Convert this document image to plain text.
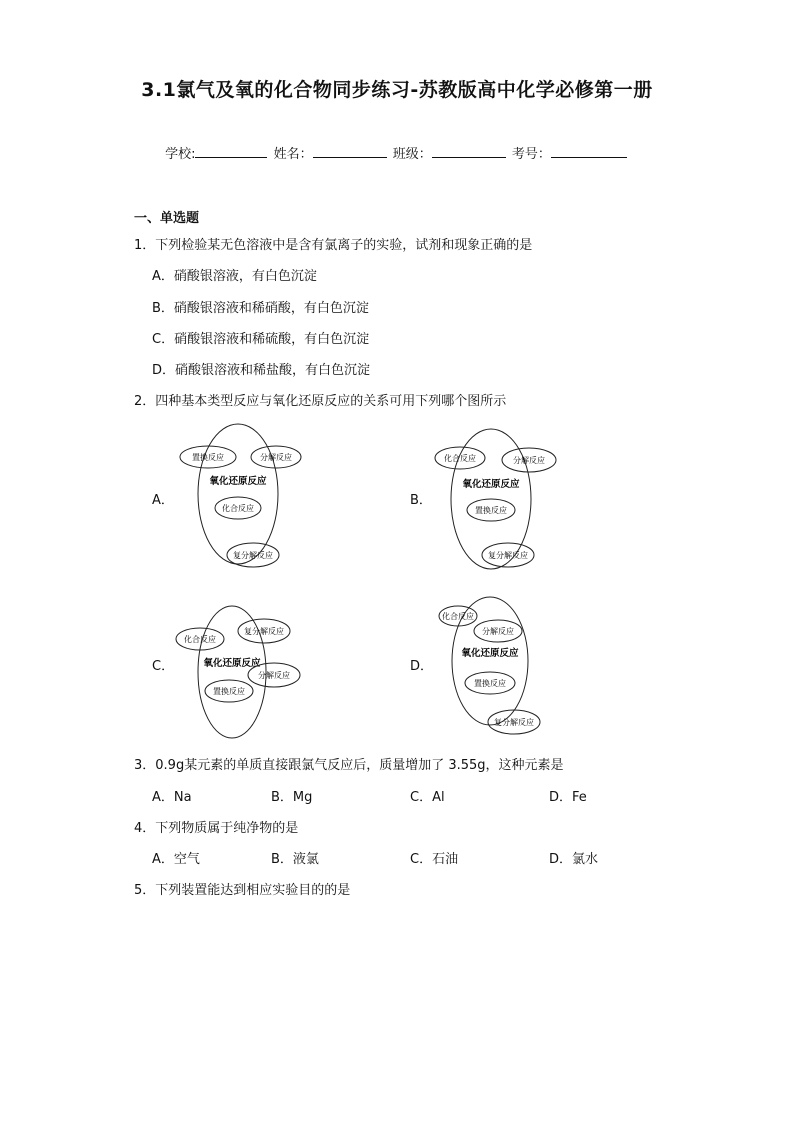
3.1氯气及氧的化合物同步练习-苏教版高中化学必修第一册
学校:	姓名：	班级：	考号：
一、单选题
1．下列检验某无色溶液中是含有氯离子的实验，试剂和现象正确的是
A．硝酸银溶液，有白色沉淀
B．硝酸银溶液和稀硝酸，有白色沉淀
C．硝酸银溶液和稀硫酸，有白色沉淀
D．硝酸银溶液和稀盐酸，有白色沉淀
2．四种基本类型反应与氧化还原反应的关系可用下列哪个图所示
A．
置换反应	分解反应
氧化还原反应
化合反应
复分解反应
B．
化合反应	分解反应
氧化还原反应
置换反应
复分解反应
C．
化合反应
复分解反应
氧化还原反应
分解反应
置换反应
D．
化合反应
分解反应
氧化还原反应
置换反应
复分解反应
3．0.9g某元素的单质直接跟氯气反应后，质量增加了 3.55g，这种元素是
A．Na	B．Mg	C．Al	D．Fe
4．下列物质属于纯净物的是
A．空气	B．液氯	C．石油	D．氯水
5．下列装置能达到相应实验目的的是
